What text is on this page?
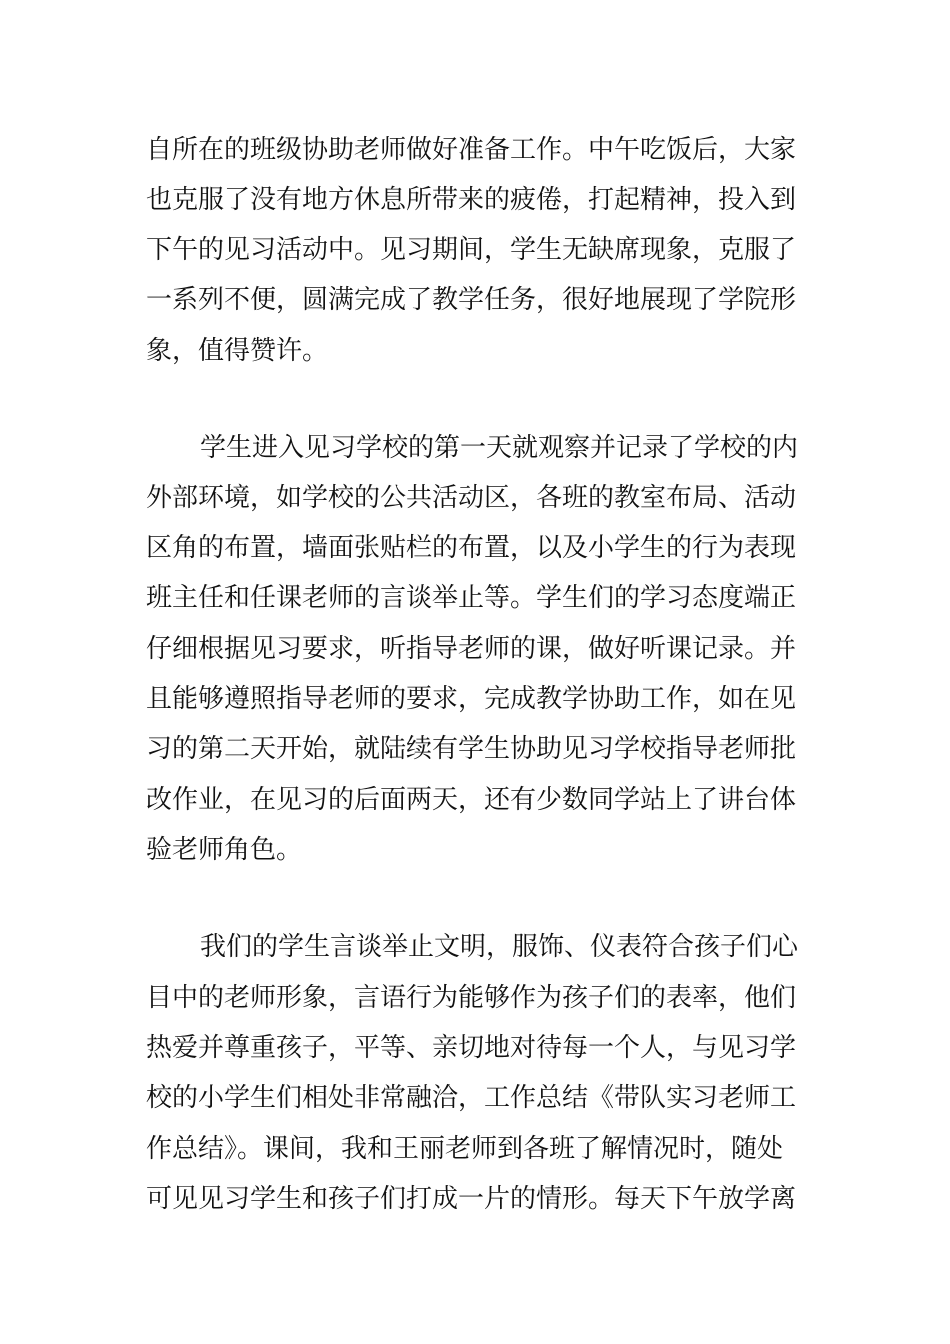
自所在的班级协助老师做好准备工作。中午吃饭后，大家
也克服了没有地方休息所带来的疲倦，打起精神，投入到
下午的见习活动中。见习期间，学生无缺席现象，克服了
一系列不便，圆满完成了教学任务，很好地展现了学院形
象，值得赞许。
学生进入见习学校的第一天就观察并记录了学校的内
外部环境，如学校的公共活动区，各班的教室布局、活动
区角的布置，墙面张贴栏的布置，以及小学生的行为表现
班主任和任课老师的言谈举止等。学生们的学习态度端正
仔细根据见习要求，听指导老师的课，做好听课记录。并
且能够遵照指导老师的要求，完成教学协助工作，如在见
习的第二天开始，就陆续有学生协助见习学校指导老师批
改作业，在见习的后面两天，还有少数同学站上了讲台体
验老师角色。
我们的学生言谈举止文明，服饰、仪表符合孩子们心
目中的老师形象，言语行为能够作为孩子们的表率，他们
热爱并尊重孩子，平等、亲切地对待每一个人，与见习学
校的小学生们相处非常融洽，工作总结《带队实习老师工
作总结》。课间，我和王丽老师到各班了解情况时，随处
可见见习学生和孩子们打成一片的情形。每天下午放学离
